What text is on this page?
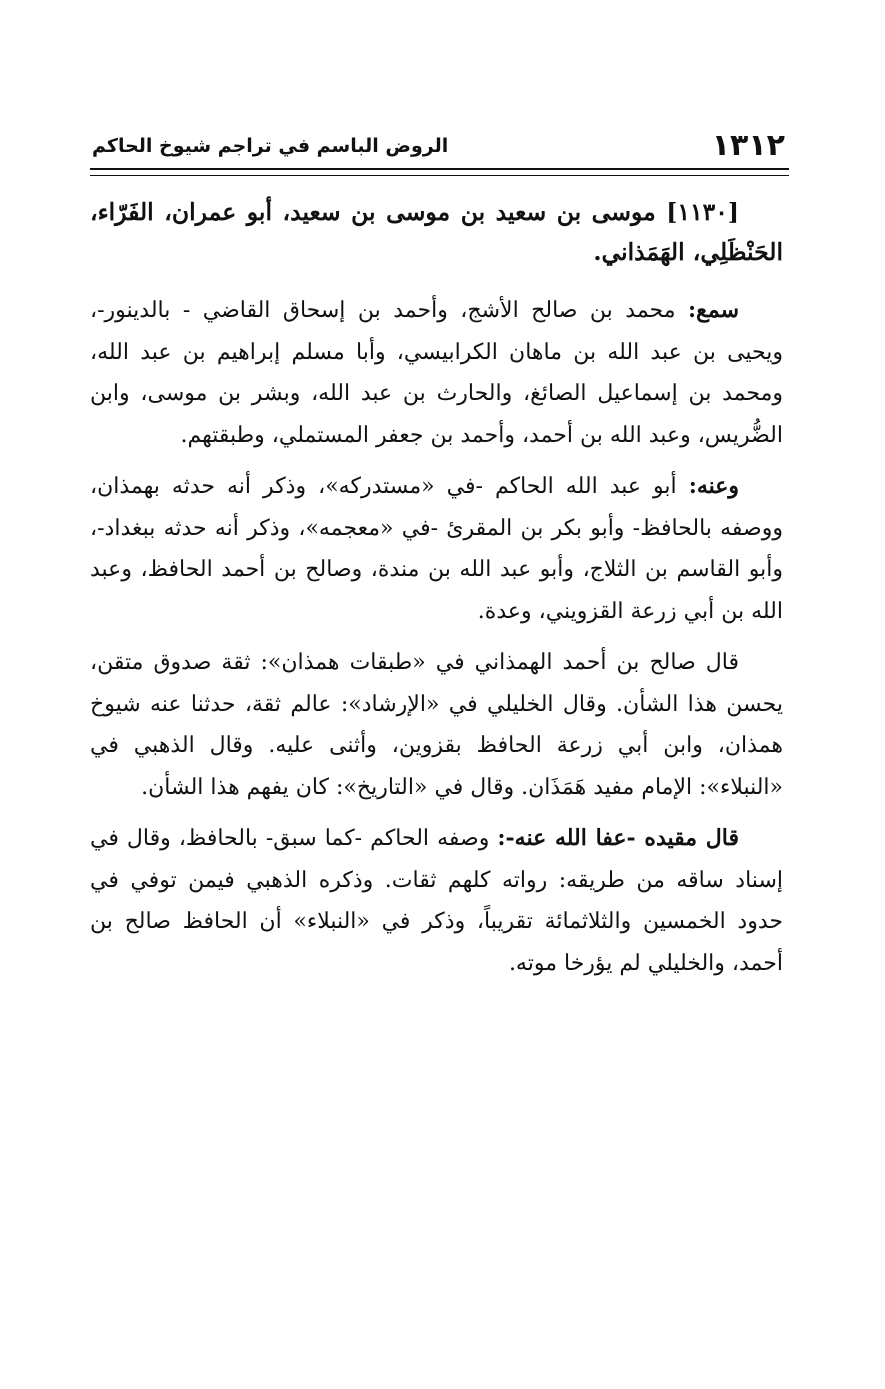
١٣١٢
الروض الباسم في تراجم شيوخ الحاكم

[١١٣٠] موسى بن سعيد بن موسى بن سعيد، أبو عمران، الفَرّاء، الحَنْظَلِي، الهَمَذاني.

سمع: محمد بن صالح الأشج، وأحمد بن إسحاق القاضي - بالدينور-، ويحيى بن عبد الله بن ماهان الكرابيسي، وأبا مسلم إبراهيم بن عبد الله، ومحمد بن إسماعيل الصائغ، والحارث بن عبد الله، وبشر بن موسى، وابن الضُّريس، وعبد الله بن أحمد، وأحمد بن جعفر المستملي، وطبقتهم.

وعنه: أبو عبد الله الحاكم -في «مستدركه»، وذكر أنه حدثه بهمذان، ووصفه بالحافظ- وأبو بكر بن المقرئ -في «معجمه»، وذكر أنه حدثه ببغداد-، وأبو القاسم بن الثلاج، وأبو عبد الله بن مندة، وصالح بن أحمد الحافظ، وعبد الله بن أبي زرعة القزويني، وعدة.

قال صالح بن أحمد الهمذاني في «طبقات همذان»: ثقة صدوق متقن، يحسن هذا الشأن. وقال الخليلي في «الإرشاد»: عالم ثقة، حدثنا عنه شيوخ همذان، وابن أبي زرعة الحافظ بقزوين، وأثنى عليه. وقال الذهبي في «النبلاء»: الإمام مفيد هَمَذَان. وقال في «التاريخ»: كان يفهم هذا الشأن.

قال مقيده -عفا الله عنه-: وصفه الحاكم -كما سبق- بالحافظ، وقال في إسناد ساقه من طريقه: رواته كلهم ثقات. وذكره الذهبي فيمن توفي في حدود الخمسين والثلاثمائة تقريباً، وذكر في «النبلاء» أن الحافظ صالح بن أحمد، والخليلي لم يؤرخا موته.
